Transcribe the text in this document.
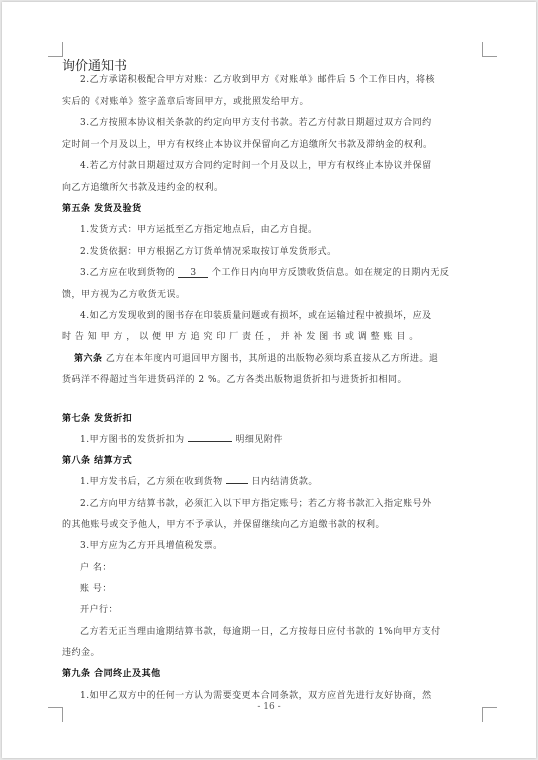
询价通知书
2.乙方承诺积极配合甲方对账：乙方收到甲方《对账单》邮件后 5 个工作日内，将核
实后的《对账单》签字盖章后寄回甲方，或批照发给甲方。
3.乙方按照本协议相关条款的约定向甲方支付书款。若乙方付款日期超过双方合同约
定时间一个月及以上，甲方有权终止本协议并保留向乙方追缴所欠书款及滞纳金的权利。
4.若乙方付款日期超过双方合同约定时间一个月及以上，甲方有权终止本协议并保留
向乙方追缴所欠书款及违约金的权利。
第五条 发货及验货
1.发货方式：甲方运抵至乙方指定地点后，由乙方自提。
2.发货依据：甲方根据乙方订货单情况采取按订单发货形式。
3.乙方应在收到货物的 3 个工作日内向甲方反馈收货信息。如在规定的日期内无反
馈，甲方视为乙方收货无误。
4.如乙方发现收到的图书存在印装质量问题或有损坏，或在运输过程中被损坏，应及
时 告 知 甲 方 ， 以 便 甲 方 追 究 印 厂 责 任 ， 并 补 发 图 书 或 调 整 账 目 。
第六条 乙方在本年度内可退回甲方图书，其所退的出版物必须均系直接从乙方所进。退
货码洋不得超过当年进货码洋的 2 %。乙方各类出版物退货折扣与进货折扣相同。
第七条 发货折扣
1.甲方图书的发货折扣为	明细见附件
第八条 结算方式
1.甲方发书后，乙方须在收到货物	日内结清货款。
2.乙方向甲方结算书款，必须汇入以下甲方指定账号；若乙方将书款汇入指定账号外
的其他账号或交予他人，甲方不予承认，并保留继续向乙方追缴书款的权利。
3.甲方应为乙方开具增值税发票。
户 名：
账 号：
开户行：
乙方若无正当理由逾期结算书款，每逾期一日，乙方按每日应付书款的 1%向甲方支付
违约金。
第九条 合同终止及其他
1.如甲乙双方中的任何一方认为需要变更本合同条款，双方应首先进行友好协商，然
- 16 -
